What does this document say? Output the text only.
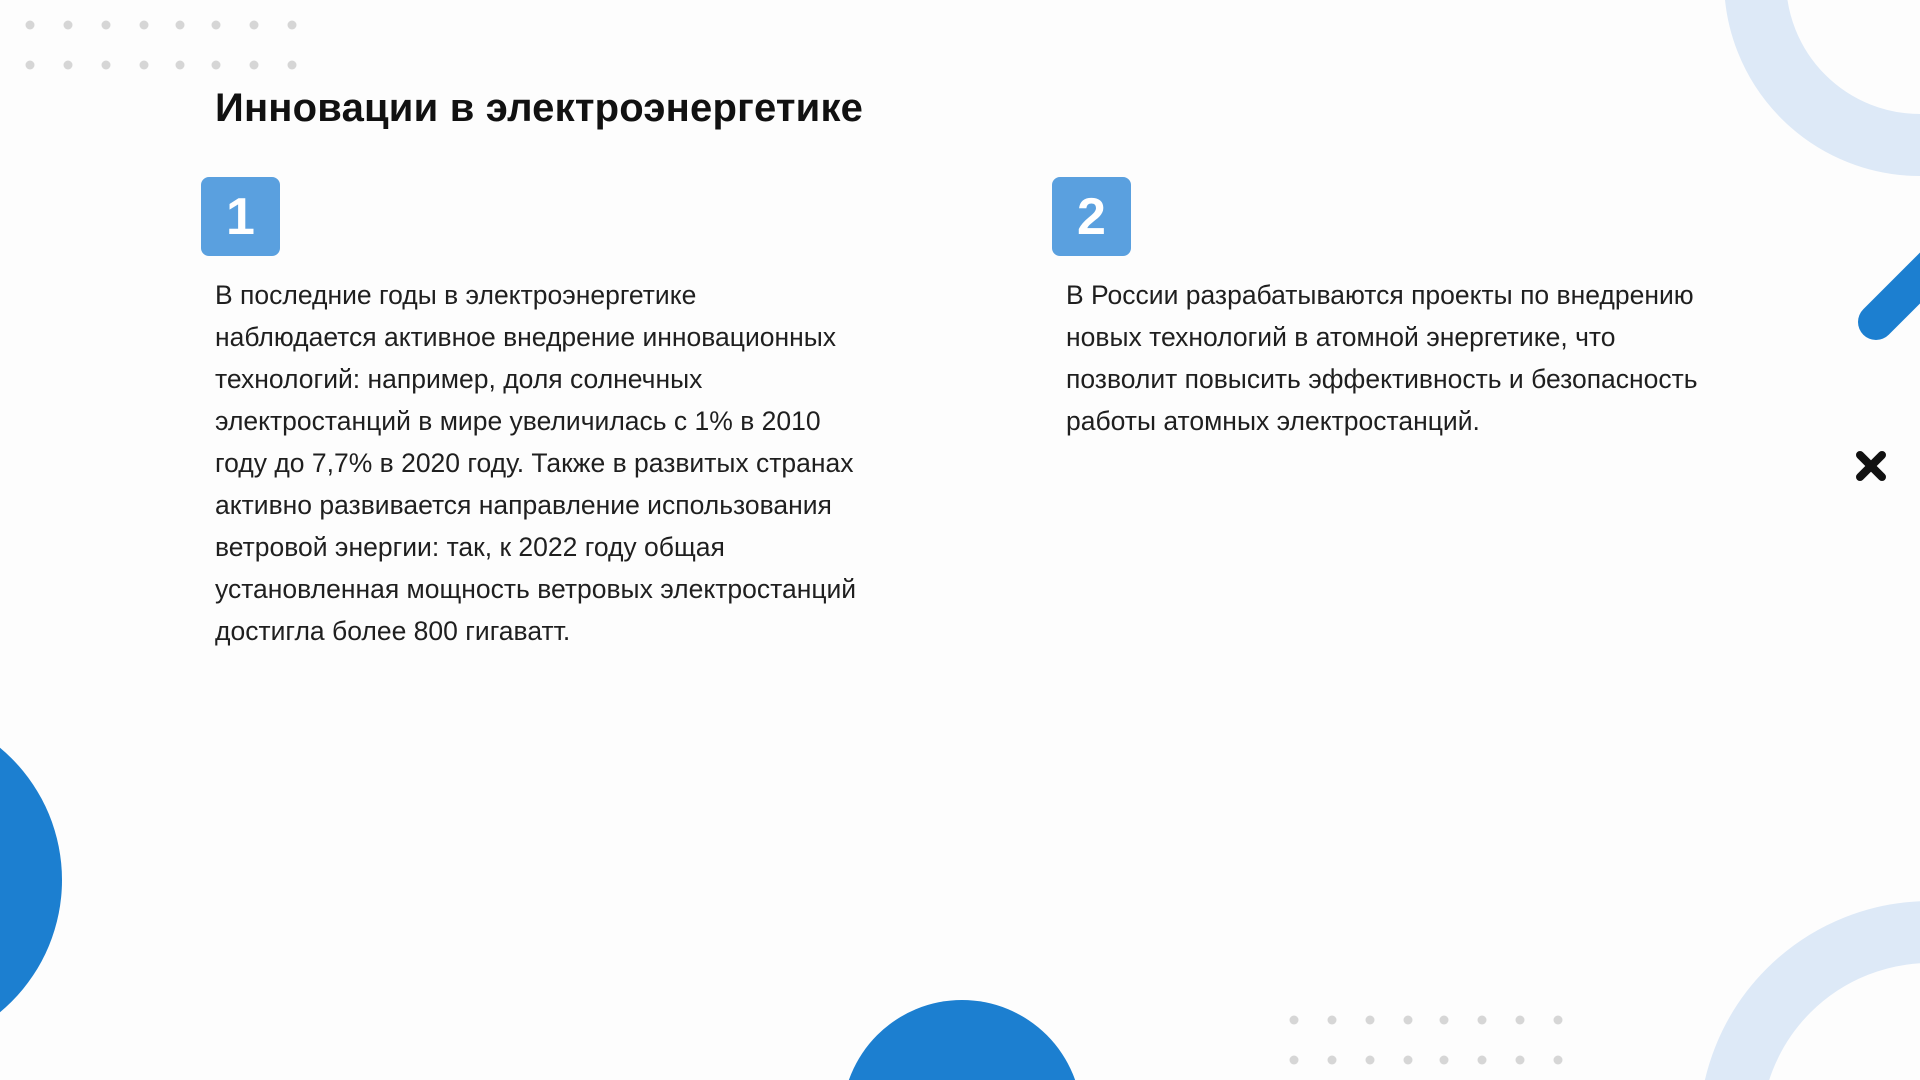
Инновации в электроэнергетике
1

В последние годы в электроэнергетике наблюдается активное внедрение инновационных технологий: например, доля солнечных электростанций в мире увеличилась с 1% в 2010 году до 7,7% в 2020 году. Также в развитых странах активно развивается направление использования ветровой энергии: так, к 2022 году общая установленная мощность ветровых электростанций достигла более 800 гигаватт.

2

В России разрабатываются проекты по внедрению новых технологий в атомной энергетике, что позволит повысить эффективность и безопасность работы атомных электростанций.
